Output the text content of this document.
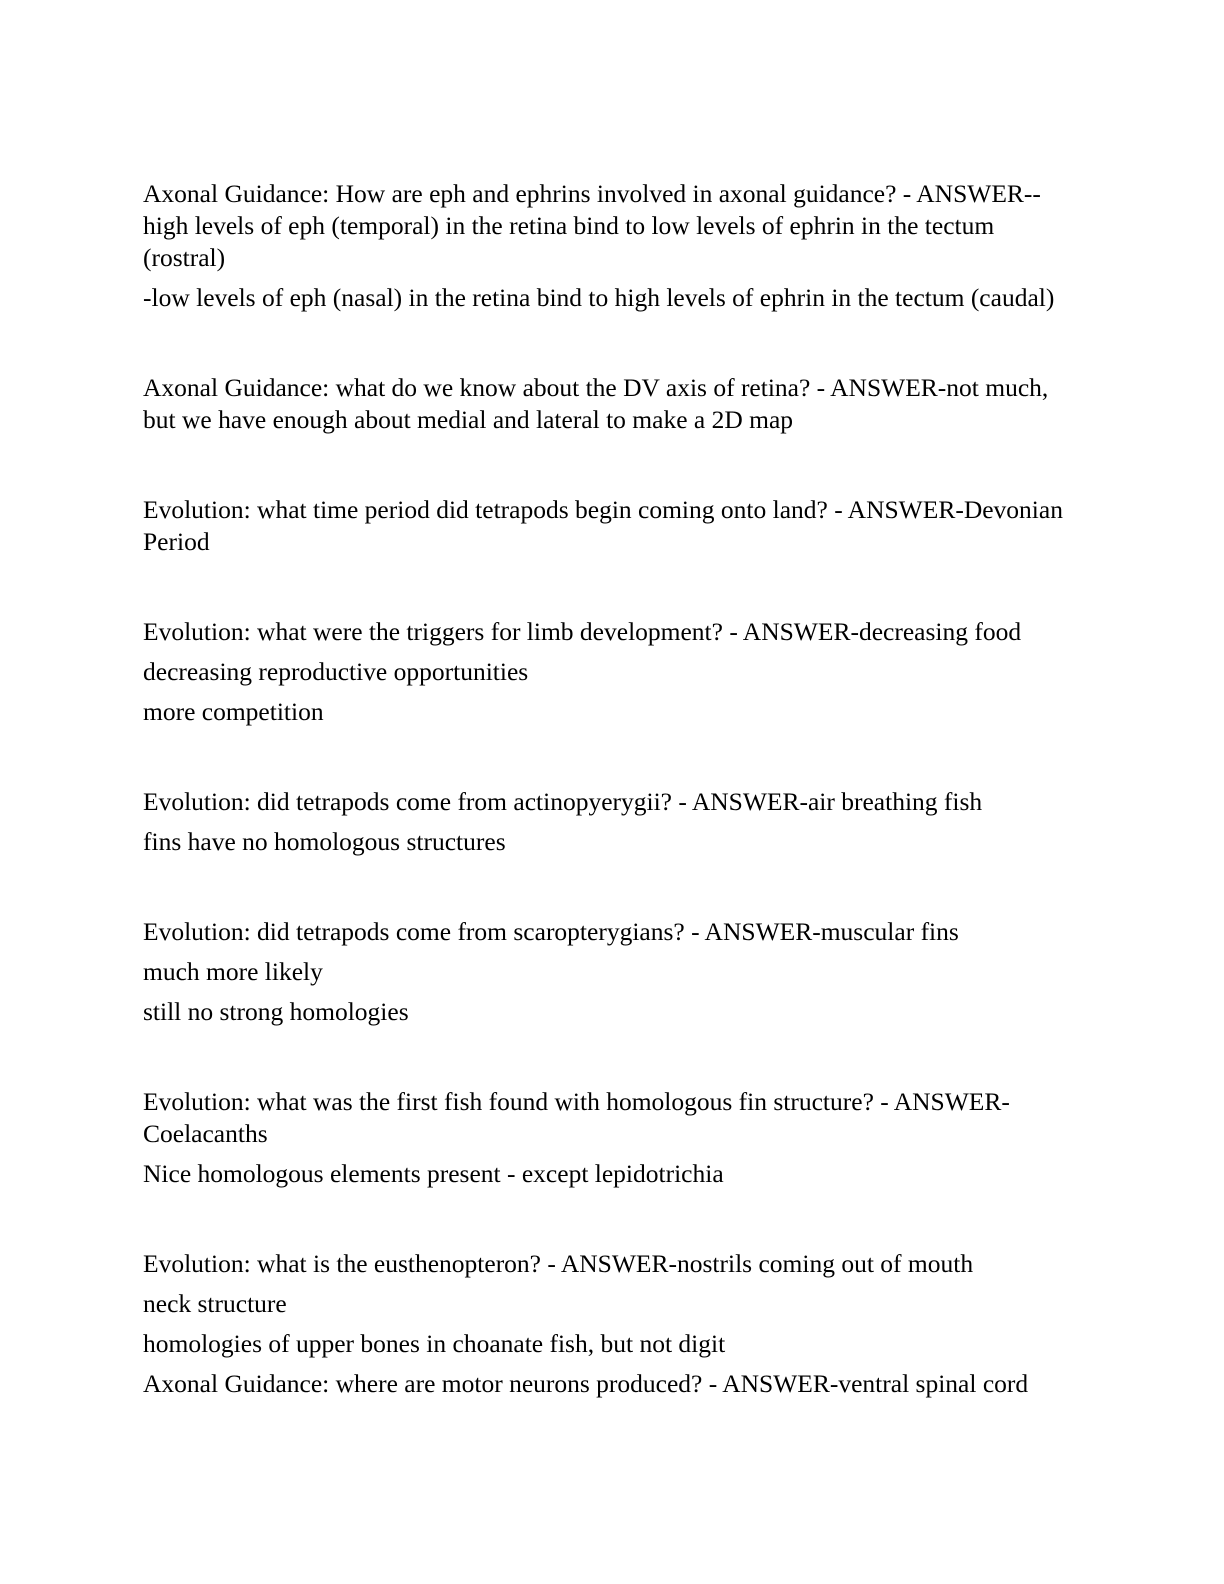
Axonal Guidance: How are eph and ephrins involved in axonal guidance? - ANSWER--high levels of eph (temporal) in the retina bind to low levels of ephrin in the tectum (rostral)

-low levels of eph (nasal) in the retina bind to high levels of ephrin in the tectum (caudal)

Axonal Guidance: what do we know about the DV axis of retina? - ANSWER-not much, but we have enough about medial and lateral to make a 2D map

Evolution: what time period did tetrapods begin coming onto land? - ANSWER-Devonian Period

Evolution: what were the triggers for limb development? - ANSWER-decreasing food

decreasing reproductive opportunities

more competition

Evolution: did tetrapods come from actinopyerygii? - ANSWER-air breathing fish

fins have no homologous structures

Evolution: did tetrapods come from scaropterygians? - ANSWER-muscular fins

much more likely

still no strong homologies

Evolution: what was the first fish found with homologous fin structure? - ANSWER-Coelacanths

Nice homologous elements present - except lepidotrichia

Evolution: what is the eusthenopteron? - ANSWER-nostrils coming out of mouth

neck structure

homologies of upper bones in choanate fish, but not digit

Axonal Guidance: where are motor neurons produced? - ANSWER-ventral spinal cord
